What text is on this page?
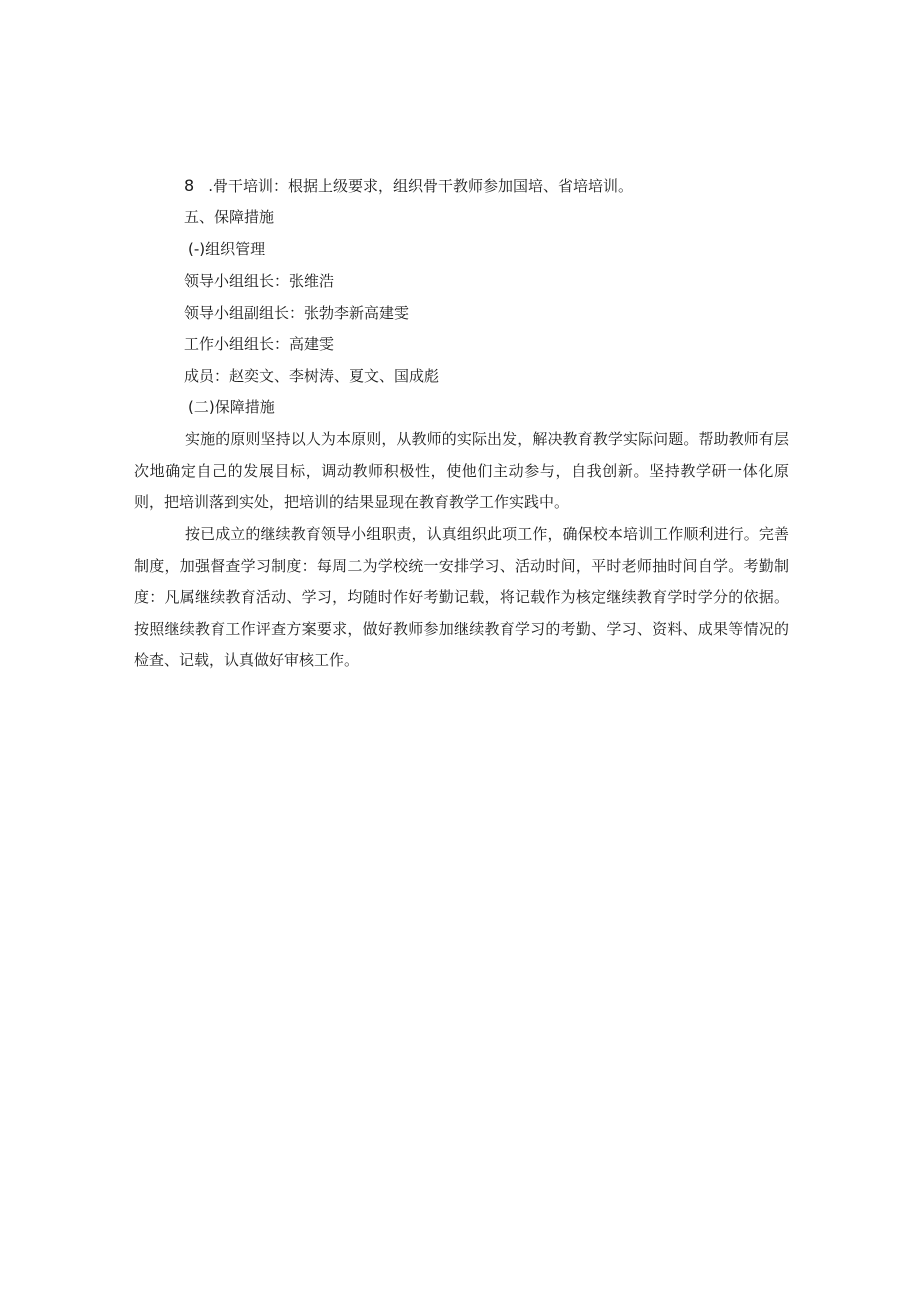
8 .骨干培训：根据上级要求，组织骨干教师参加国培、省培培训。
五、保障措施
(-)组织管理
领导小组组长：张维浩
领导小组副组长：张勃李新高建雯
工作小组组长：高建雯
成员：赵奕文、李树涛、夏文、国成彪
(二)保障措施

实施的原则坚持以人为本原则，从教师的实际出发，解决教育教学实际问题。帮助教师有层次地确定自己的发展目标，调动教师积极性，使他们主动参与，自我创新。坚持教学研一体化原则，把培训落到实处，把培训的结果显现在教育教学工作实践中。

按已成立的继续教育领导小组职责，认真组织此项工作，确保校本培训工作顺利进行。完善制度，加强督查学习制度：每周二为学校统一安排学习、活动时间，平时老师抽时间自学。考勤制度：凡属继续教育活动、学习，均随时作好考勤记载，将记载作为核定继续教育学时学分的依据。按照继续教育工作评查方案要求，做好教师参加继续教育学习的考勤、学习、资料、成果等情况的检查、记载，认真做好审核工作。
